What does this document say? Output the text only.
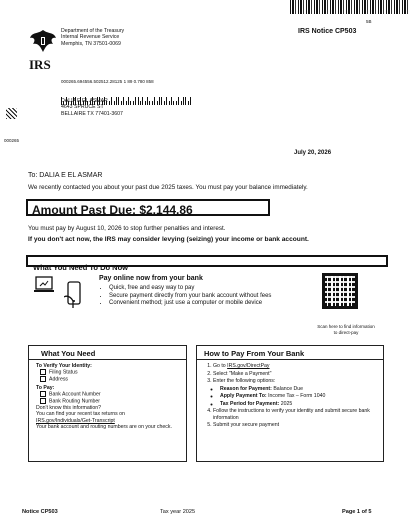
IRS
Department of the Treasury
Internal Revenue Service
Memphis, TN 37501-0069
5B
IRS Notice CP503
000265.694556.502512.28125 1 89 0.780 858
DALIA E EL ASMAR
4643 SPRUCE ST
BELLAIRE TX 77401-3607
000265
July 20, 2026
To: DALIA E EL ASMAR
We recently contacted you about your past due 2025 taxes. You must pay your balance immediately.
Amount Past Due: $2,144.86
You must pay by August 10, 2026 to stop further penalties and interest.
If you don't act now, the IRS may consider levying (seizing) your income or bank account.
What You Need To Do Now
Pay online now from your bank
• Quick, free and easy way to pay
• Secure payment directly from your bank account without fees
• Convenient method; just use a computer or mobile device
Scan here to find information
to direct-pay
What You Need
To Verify Your Identity:
Filing Status
Address
To Pay:
Bank Account Number
Bank Routing Number
Don't know this information?
You can find your recent tax returns on
IRS.gov/Individuals/Get-Transcript
Your bank account and routing numbers are on your check.
How to Pay From Your Bank
1. Go to IRS.gov/DirectPay
2. Select "Make a Payment"
3. Enter the following options:
◦ Reason for Payment: Balance Due
◦ Apply Payment To: Income Tax – Form 1040
◦ Tax Period for Payment: 2025
4. Follow the instructions to verify your identity and submit secure bank information
5. Submit your secure payment
Notice CP503	Tax year 2025	Page 1 of 5
